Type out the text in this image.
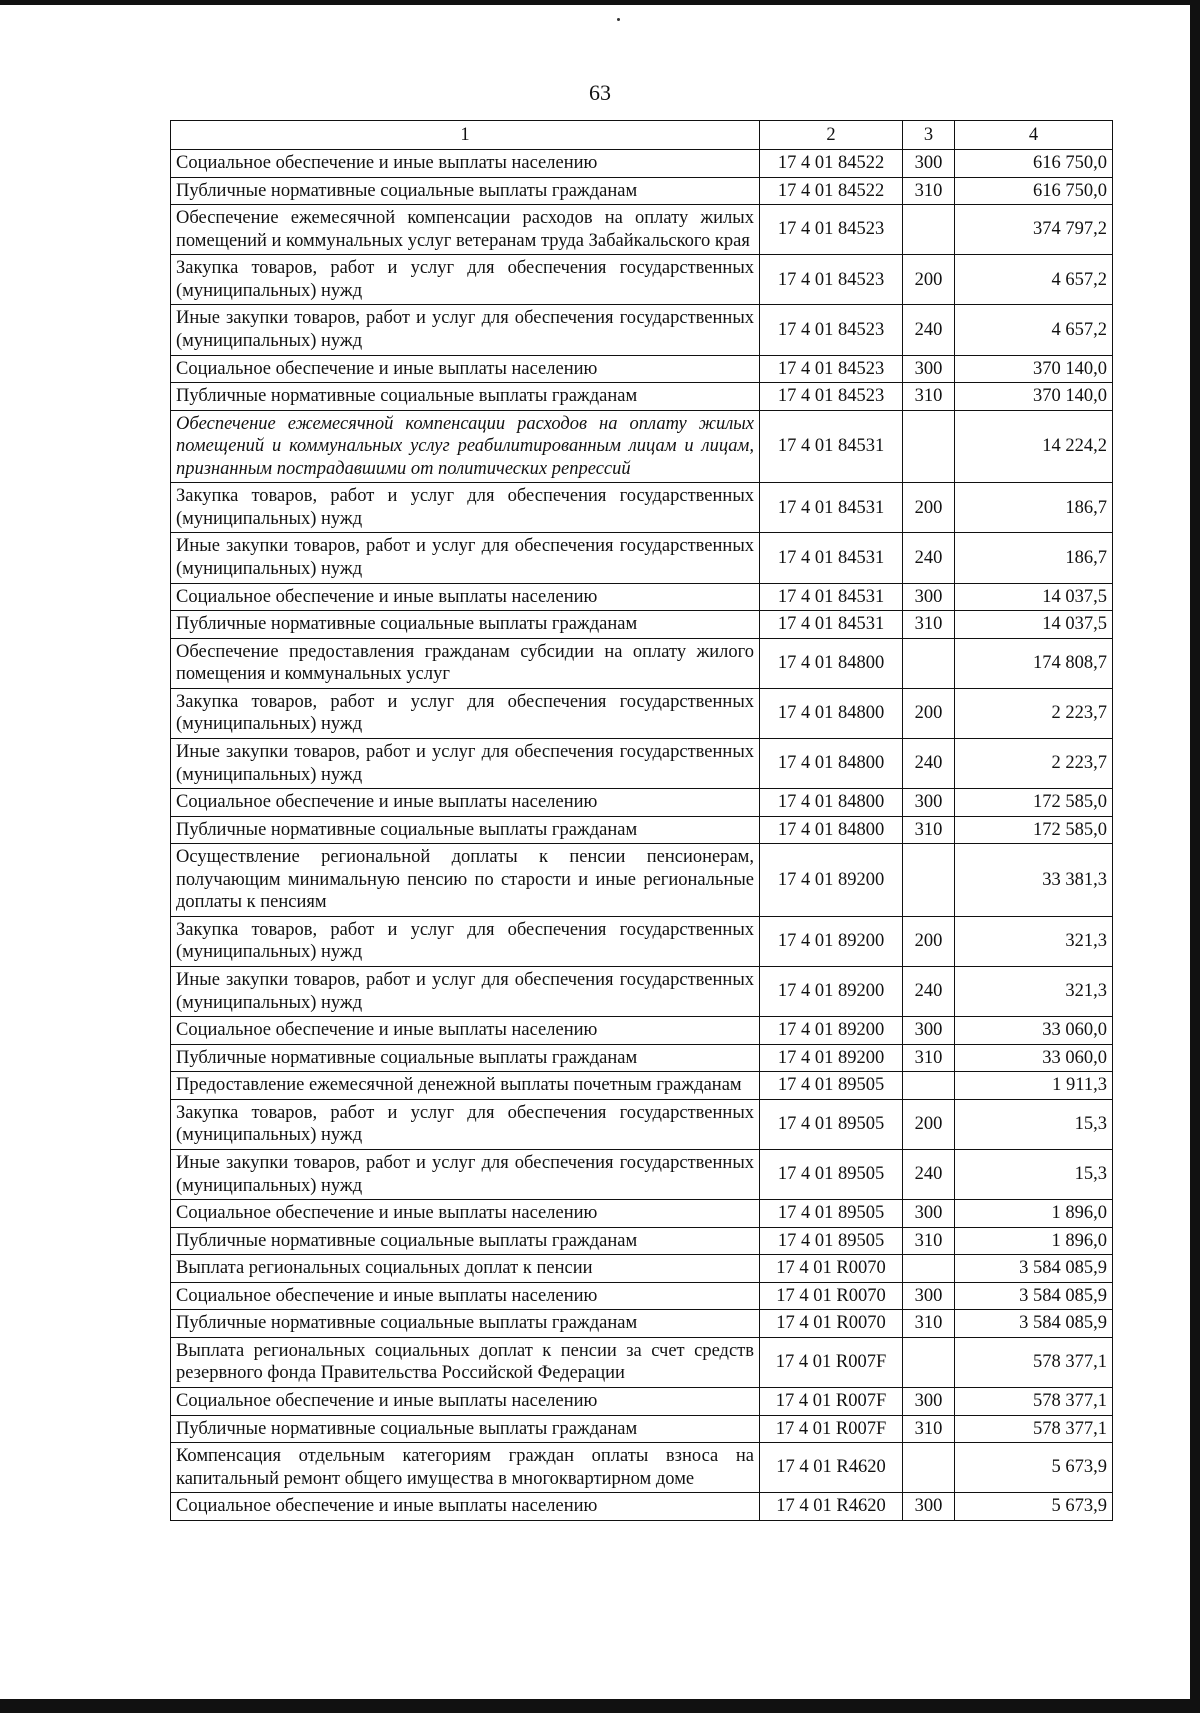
63
1	2	3	4
Социальное обеспечение и иные выплаты населению	17 4 01 84522	300	616 750,0
Публичные нормативные социальные выплаты гражданам	17 4 01 84522	310	616 750,0
Обеспечение ежемесячной компенсации расходов на оплату жилых помещений и коммунальных услуг ветеранам труда Забайкальского края	17 4 01 84523		374 797,2
Закупка товаров, работ и услуг для обеспечения государственных (муниципальных) нужд	17 4 01 84523	200	4 657,2
Иные закупки товаров, работ и услуг для обеспечения государственных (муниципальных) нужд	17 4 01 84523	240	4 657,2
Социальное обеспечение и иные выплаты населению	17 4 01 84523	300	370 140,0
Публичные нормативные социальные выплаты гражданам	17 4 01 84523	310	370 140,0
Обеспечение ежемесячной компенсации расходов на оплату жилых помещений и коммунальных услуг реабилитированным лицам и лицам, признанным пострадавшими от политических репрессий	17 4 01 84531		14 224,2
Закупка товаров, работ и услуг для обеспечения государственных (муниципальных) нужд	17 4 01 84531	200	186,7
Иные закупки товаров, работ и услуг для обеспечения государственных (муниципальных) нужд	17 4 01 84531	240	186,7
Социальное обеспечение и иные выплаты населению	17 4 01 84531	300	14 037,5
Публичные нормативные социальные выплаты гражданам	17 4 01 84531	310	14 037,5
Обеспечение предоставления гражданам субсидии на оплату жилого помещения и коммунальных услуг	17 4 01 84800		174 808,7
Закупка товаров, работ и услуг для обеспечения государственных (муниципальных) нужд	17 4 01 84800	200	2 223,7
Иные закупки товаров, работ и услуг для обеспечения государственных (муниципальных) нужд	17 4 01 84800	240	2 223,7
Социальное обеспечение и иные выплаты населению	17 4 01 84800	300	172 585,0
Публичные нормативные социальные выплаты гражданам	17 4 01 84800	310	172 585,0
Осуществление региональной доплаты к пенсии пенсионерам, получающим минимальную пенсию по старости и иные региональные доплаты к пенсиям	17 4 01 89200		33 381,3
Закупка товаров, работ и услуг для обеспечения государственных (муниципальных) нужд	17 4 01 89200	200	321,3
Иные закупки товаров, работ и услуг для обеспечения государственных (муниципальных) нужд	17 4 01 89200	240	321,3
Социальное обеспечение и иные выплаты населению	17 4 01 89200	300	33 060,0
Публичные нормативные социальные выплаты гражданам	17 4 01 89200	310	33 060,0
Предоставление ежемесячной денежной выплаты почетным гражданам	17 4 01 89505		1 911,3
Закупка товаров, работ и услуг для обеспечения государственных (муниципальных) нужд	17 4 01 89505	200	15,3
Иные закупки товаров, работ и услуг для обеспечения государственных (муниципальных) нужд	17 4 01 89505	240	15,3
Социальное обеспечение и иные выплаты населению	17 4 01 89505	300	1 896,0
Публичные нормативные социальные выплаты гражданам	17 4 01 89505	310	1 896,0
Выплата региональных социальных доплат к пенсии	17 4 01 R0070		3 584 085,9
Социальное обеспечение и иные выплаты населению	17 4 01 R0070	300	3 584 085,9
Публичные нормативные социальные выплаты гражданам	17 4 01 R0070	310	3 584 085,9
Выплата региональных социальных доплат к пенсии за счет средств резервного фонда Правительства Российской Федерации	17 4 01 R007F		578 377,1
Социальное обеспечение и иные выплаты населению	17 4 01 R007F	300	578 377,1
Публичные нормативные социальные выплаты гражданам	17 4 01 R007F	310	578 377,1
Компенсация отдельным категориям граждан оплаты взноса на капитальный ремонт общего имущества в многоквартирном доме	17 4 01 R4620		5 673,9
Социальное обеспечение и иные выплаты населению	17 4 01 R4620	300	5 673,9
